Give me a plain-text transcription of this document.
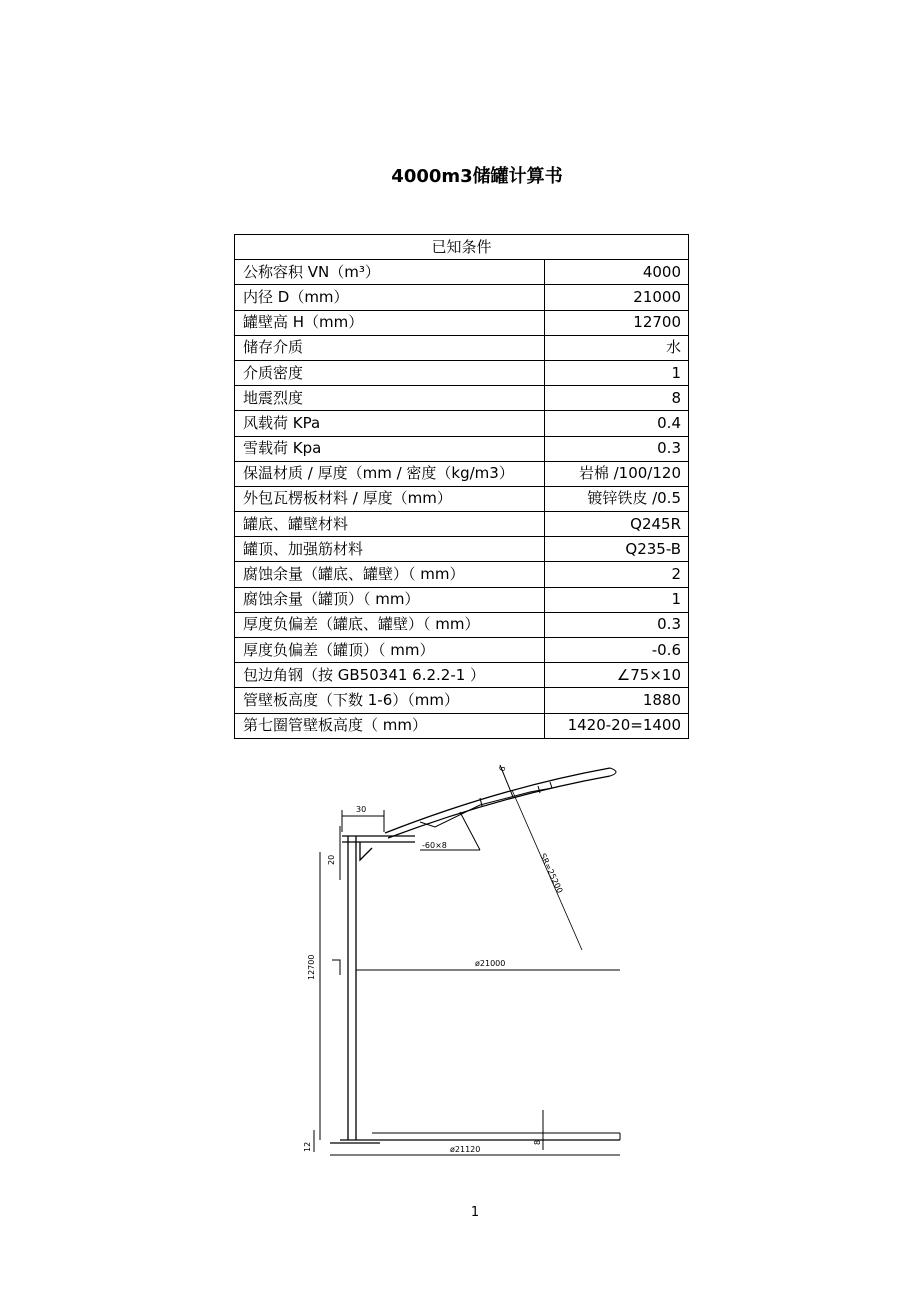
4000m3储罐计算书
已知条件	
公称容积 VN（m³）	4000
内径 D（mm）	21000
罐壁高 H（mm）	12700
储存介质	水
介质密度	1
地震烈度	8
风载荷 KPa	0.4
雪载荷 Kpa	0.3
保温材质 / 厚度（mm / 密度（kg/m3）	岩棉 /100/120
外包瓦楞板材料 / 厚度（mm）	镀锌铁皮 /0.5
罐底、罐壁材料	Q245R
罐顶、加强筋材料	Q235-B
腐蚀余量（罐底、罐壁）（ mm）	2
腐蚀余量（罐顶）（ mm）	1
厚度负偏差（罐底、罐壁）（ mm）	0.3
厚度负偏差（罐顶）（ mm）	-0.6
包边角钢（按 GB50341 6.2.2-1 ）	∠75×10
管壁板高度（下数 1-6）（mm）	1880
第七圈管壁板高度（ mm）	1420-20=1400
-60×8
6
SR=25200
30
20
12700	ø21000
8
12	ø21120
1
